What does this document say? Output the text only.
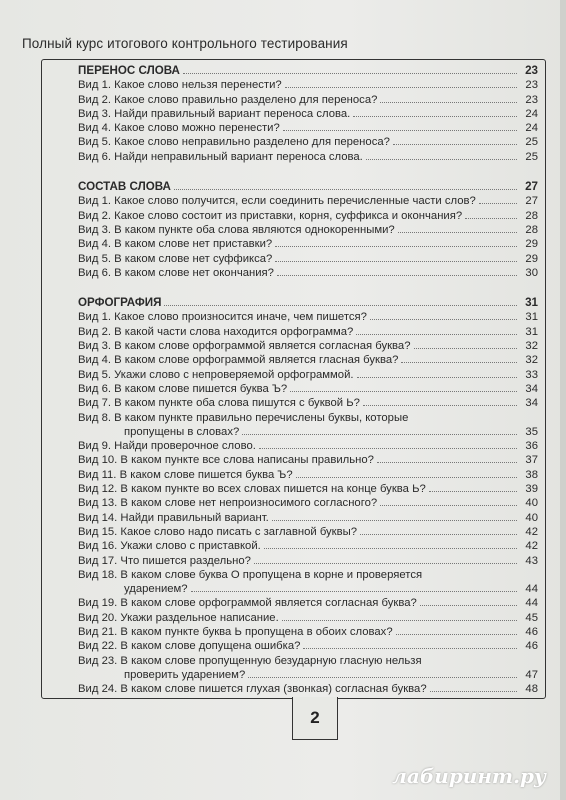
Полный курс итогового контрольного тестирования
ПЕРЕНОС СЛОВА	23
Вид 1. Какое слово нельзя перенести?	23
Вид 2. Какое слово правильно разделено для переноса?	23
Вид 3. Найди правильный вариант переноса слова.	24
Вид 4. Какое слово можно перенести?	24
Вид 5. Какое слово неправильно разделено для переноса?	25
Вид 6. Найди неправильный вариант переноса слова.	25
СОСТАВ СЛОВА	27
Вид 1. Какое слово получится, если соединить перечисленные части слов?	27
Вид 2. Какое слово состоит из приставки, корня, суффикса и окончания?	28
Вид 3. В каком пункте оба слова являются однокоренными?	28
Вид 4. В каком слове нет приставки?	29
Вид 5. В каком слове нет суффикса?	29
Вид 6. В каком слове нет окончания?	30
ОРФОГРАФИЯ	31
Вид 1. Какое слово произносится иначе, чем пишется?	31
Вид 2. В какой части слова находится орфограмма?	31
Вид 3. В каком слове орфограммой является согласная буква?	32
Вид 4. В каком слове орфограммой является гласная буква?	32
Вид 5. Укажи слово с непроверяемой орфограммой.	33
Вид 6. В каком слове пишется буква Ъ?	34
Вид 7. В каком пункте оба слова пишутся с буквой Ь?	34
Вид 8. В каком пункте правильно перечислены буквы, которые
пропущены в словах?	35
Вид 9. Найди проверочное слово.	36
Вид 10. В каком пункте все слова написаны правильно?	37
Вид 11. В каком слове пишется буква Ъ?	38
Вид 12. В каком пункте во всех словах пишется на конце буква Ь?	39
Вид 13. В каком слове нет непроизносимого согласного?	40
Вид 14. Найди правильный вариант.	40
Вид 15. Какое слово надо писать с заглавной буквы?	42
Вид 16. Укажи слово с приставкой.	42
Вид 17. Что пишется раздельно?	43
Вид 18. В каком слове буква О пропущена в корне и проверяется
ударением?	44
Вид 19. В каком слове орфограммой является согласная буква?	44
Вид 20. Укажи раздельное написание.	45
Вид 21. В каком пункте буква Ь пропущена в обоих словах?	46
Вид 22. В каком слове допущена ошибка?	46
Вид 23. В каком слове пропущенную безударную гласную нельзя
проверить ударением?	47
Вид 24. В каком слове пишется глухая (звонкая) согласная буква?	48
2
лабиринт.ру
